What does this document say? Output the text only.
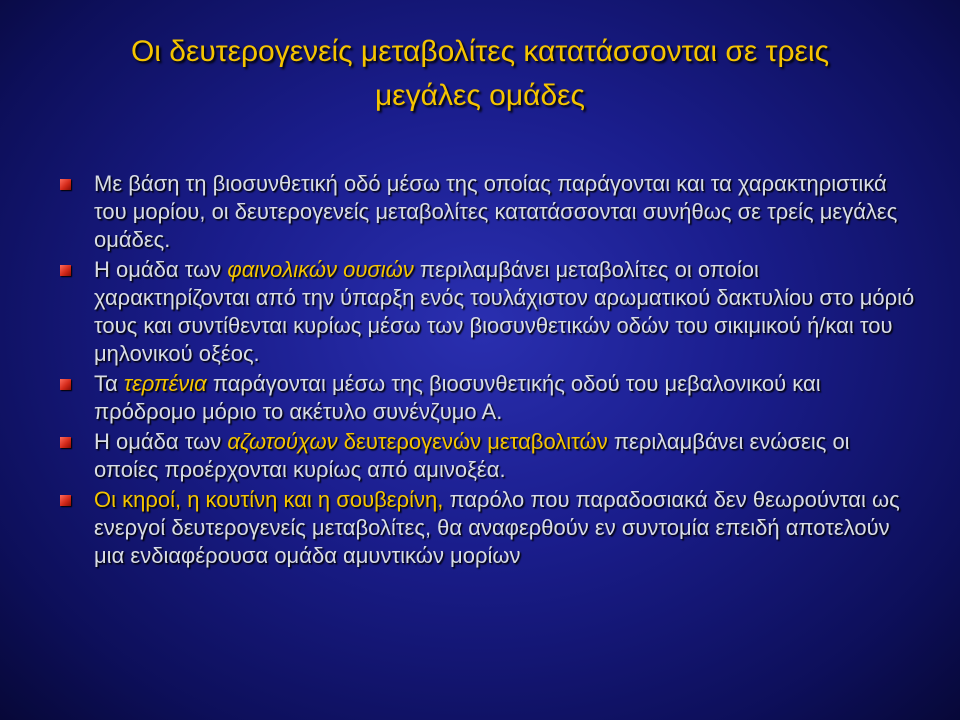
Οι δευτερογενείς μεταβολίτες κατατάσσονται σε τρεις
μεγάλες ομάδες

Με βάση τη βιοσυνθετική οδό μέσω της οποίας παράγονται και τα χαρακτηριστικά του μορίου, οι δευτερογενείς μεταβολίτες κατατάσσονται συνήθως σε τρείς μεγάλες ομάδες.

Η ομάδα των φαινολικών ουσιών περιλαμβάνει μεταβολίτες οι οποίοι χαρακτηρίζονται από την ύπαρξη ενός τουλάχιστον αρωματικού δακτυλίου στο μόριό τους και συντίθενται κυρίως μέσω των βιοσυνθετικών οδών του σικιμικού ή/και του μηλονικού οξέος.

Τα τερπένια παράγονται μέσω της βιοσυνθετικής οδού του μεβαλονικού και πρόδρομο μόριο το ακέτυλο συνένζυμο Α.

Η ομάδα των αζωτούχων δευτερογενών μεταβολιτών περιλαμβάνει ενώσεις οι οποίες προέρχονται κυρίως από αμινοξέα.

Οι κηροί, η κουτίνη και η σουβερίνη, παρόλο που παραδοσιακά δεν θεωρούνται ως ενεργοί δευτερογενείς μεταβολίτες, θα αναφερθούν εν συντομία επειδή αποτελούν μια ενδιαφέρουσα ομάδα αμυντικών μορίων
